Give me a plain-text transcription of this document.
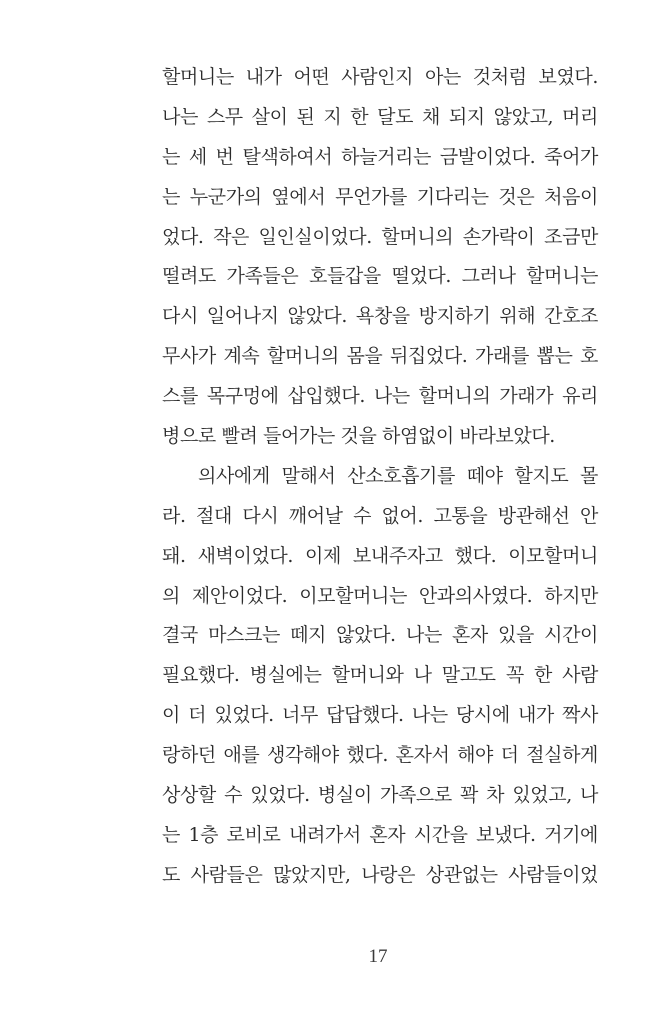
할머니는 내가 어떤 사람인지 아는 것처럼 보였다.
나는 스무 살이 된 지 한 달도 채 되지 않았고, 머리
는 세 번 탈색하여서 하늘거리는 금발이었다. 죽어가
는 누군가의 옆에서 무언가를 기다리는 것은 처음이
었다. 작은 일인실이었다. 할머니의 손가락이 조금만
떨려도 가족들은 호들갑을 떨었다. 그러나 할머니는
다시 일어나지 않았다. 욕창을 방지하기 위해 간호조
무사가 계속 할머니의 몸을 뒤집었다. 가래를 뽑는 호
스를 목구멍에 삽입했다. 나는 할머니의 가래가 유리
병으로 빨려 들어가는 것을 하염없이 바라보았다.
의사에게 말해서 산소호흡기를 떼야 할지도 몰
라. 절대 다시 깨어날 수 없어. 고통을 방관해선 안
돼. 새벽이었다. 이제 보내주자고 했다. 이모할머니
의 제안이었다. 이모할머니는 안과의사였다. 하지만
결국 마스크는 떼지 않았다. 나는 혼자 있을 시간이
필요했다. 병실에는 할머니와 나 말고도 꼭 한 사람
이 더 있었다. 너무 답답했다. 나는 당시에 내가 짝사
랑하던 애를 생각해야 했다. 혼자서 해야 더 절실하게
상상할 수 있었다. 병실이 가족으로 꽉 차 있었고, 나
는 1층 로비로 내려가서 혼자 시간을 보냈다. 거기에
도 사람들은 많았지만, 나랑은 상관없는 사람들이었
17
